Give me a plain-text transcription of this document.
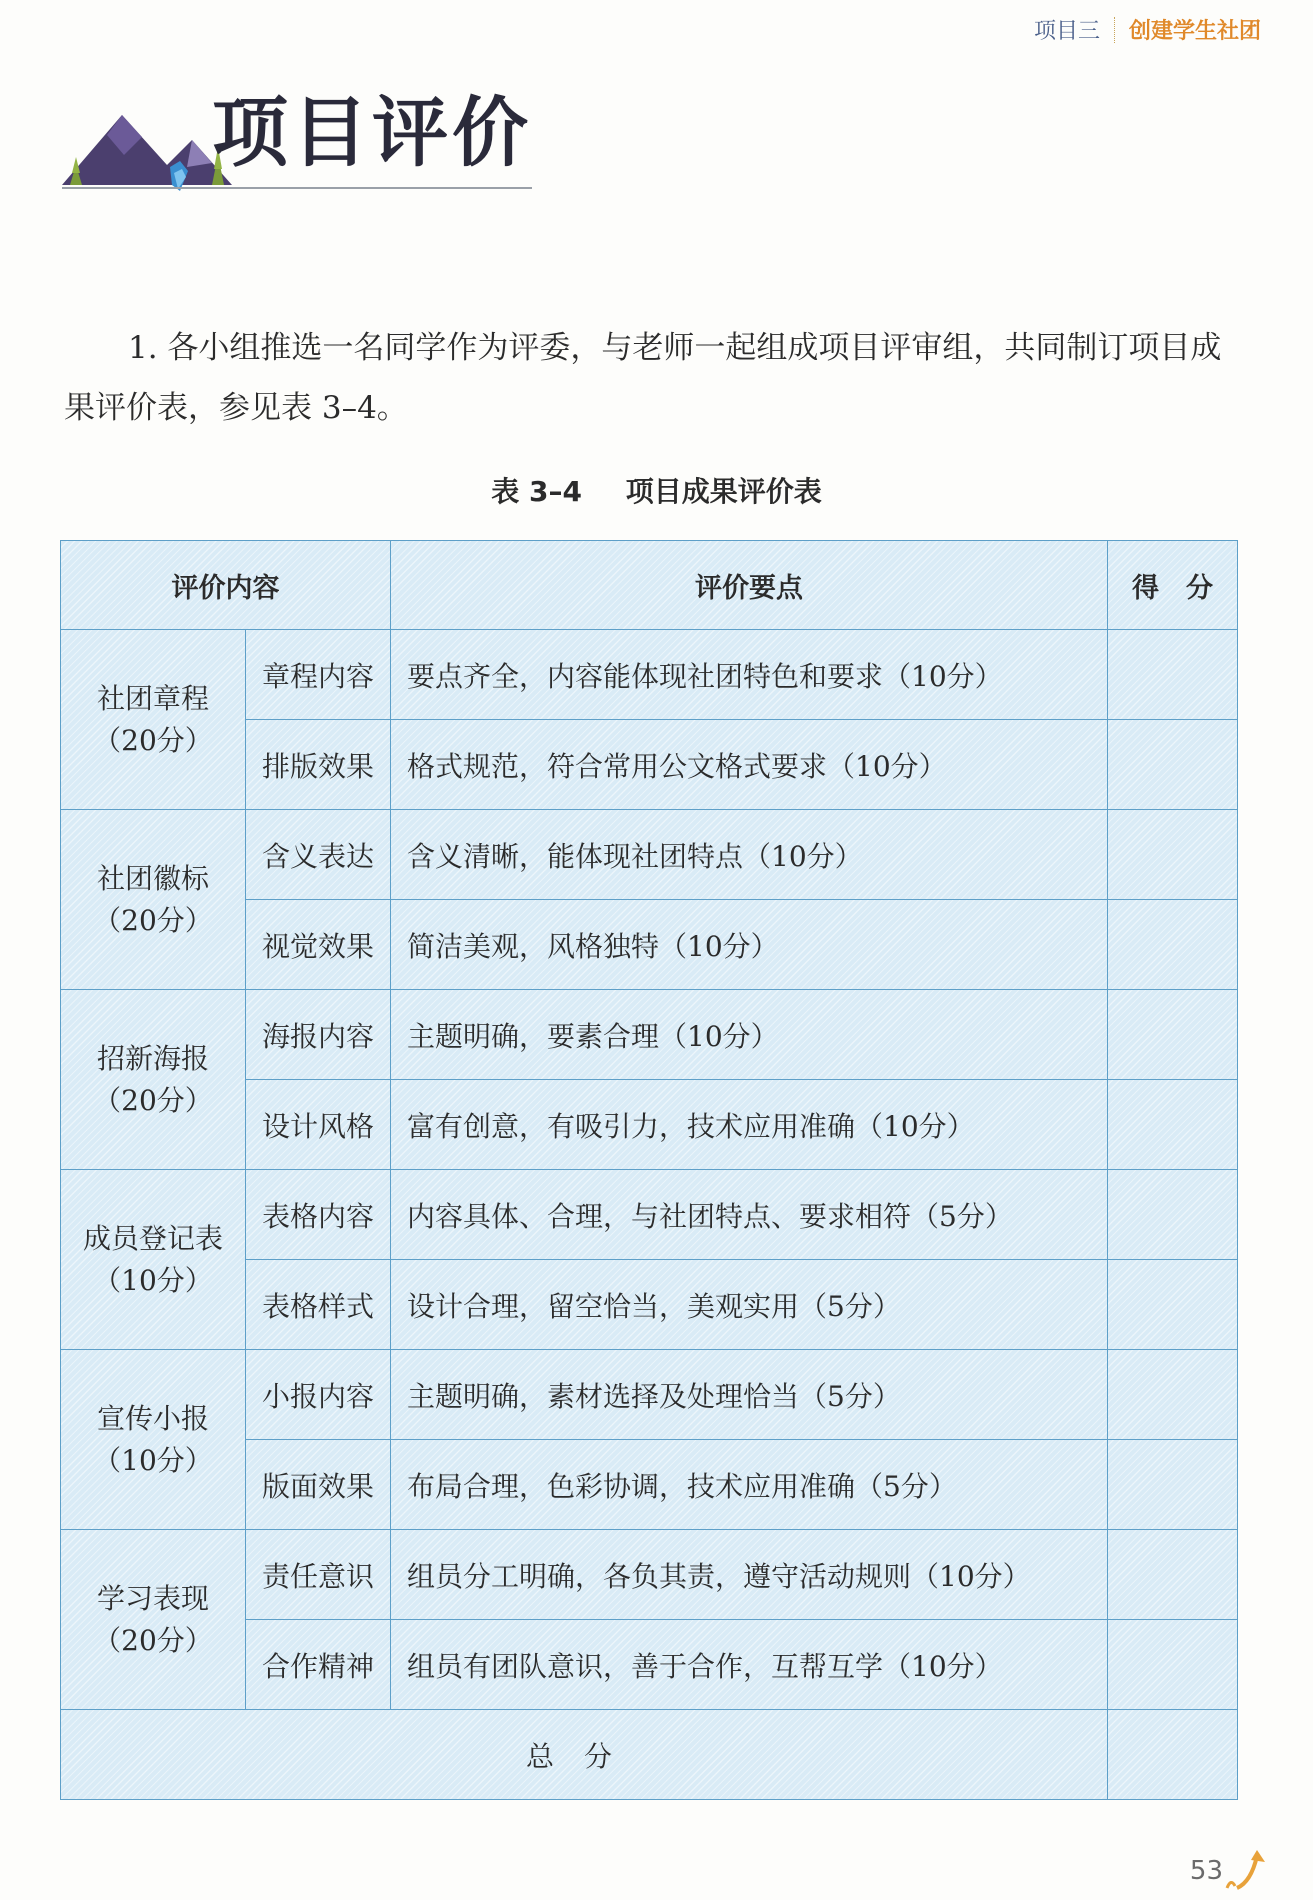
项目三 创建学生社团
项目评价

1. 各小组推选一名同学作为评委，与老师一起组成项目评审组，共同制订项目成果评价表，参见表 3–4。

表 3–4 项目成果评价表
评价内容		评价要点	得　分

社团章程
（20分）	章程内容	要点齐全，内容能体现社团特色和要求（10分）	
	排版效果	格式规范，符合常用公文格式要求（10分）	

社团徽标
（20分）	含义表达	含义清晰，能体现社团特点（10分）	
	视觉效果	简洁美观，风格独特（10分）	

招新海报
（20分）	海报内容	主题明确，要素合理（10分）	
	设计风格	富有创意，有吸引力，技术应用准确（10分）	

成员登记表
（10分）	表格内容	内容具体、合理，与社团特点、要求相符（5分）	
	表格样式	设计合理，留空恰当，美观实用（5分）	

宣传小报
（10分）	小报内容	主题明确，素材选择及处理恰当（5分）	
	版面效果	布局合理，色彩协调，技术应用准确（5分）	

学习表现
（20分）	责任意识	组员分工明确，各负其责，遵守活动规则（10分）	
	合作精神	组员有团队意识，善于合作，互帮互学（10分）	
总分			
53
